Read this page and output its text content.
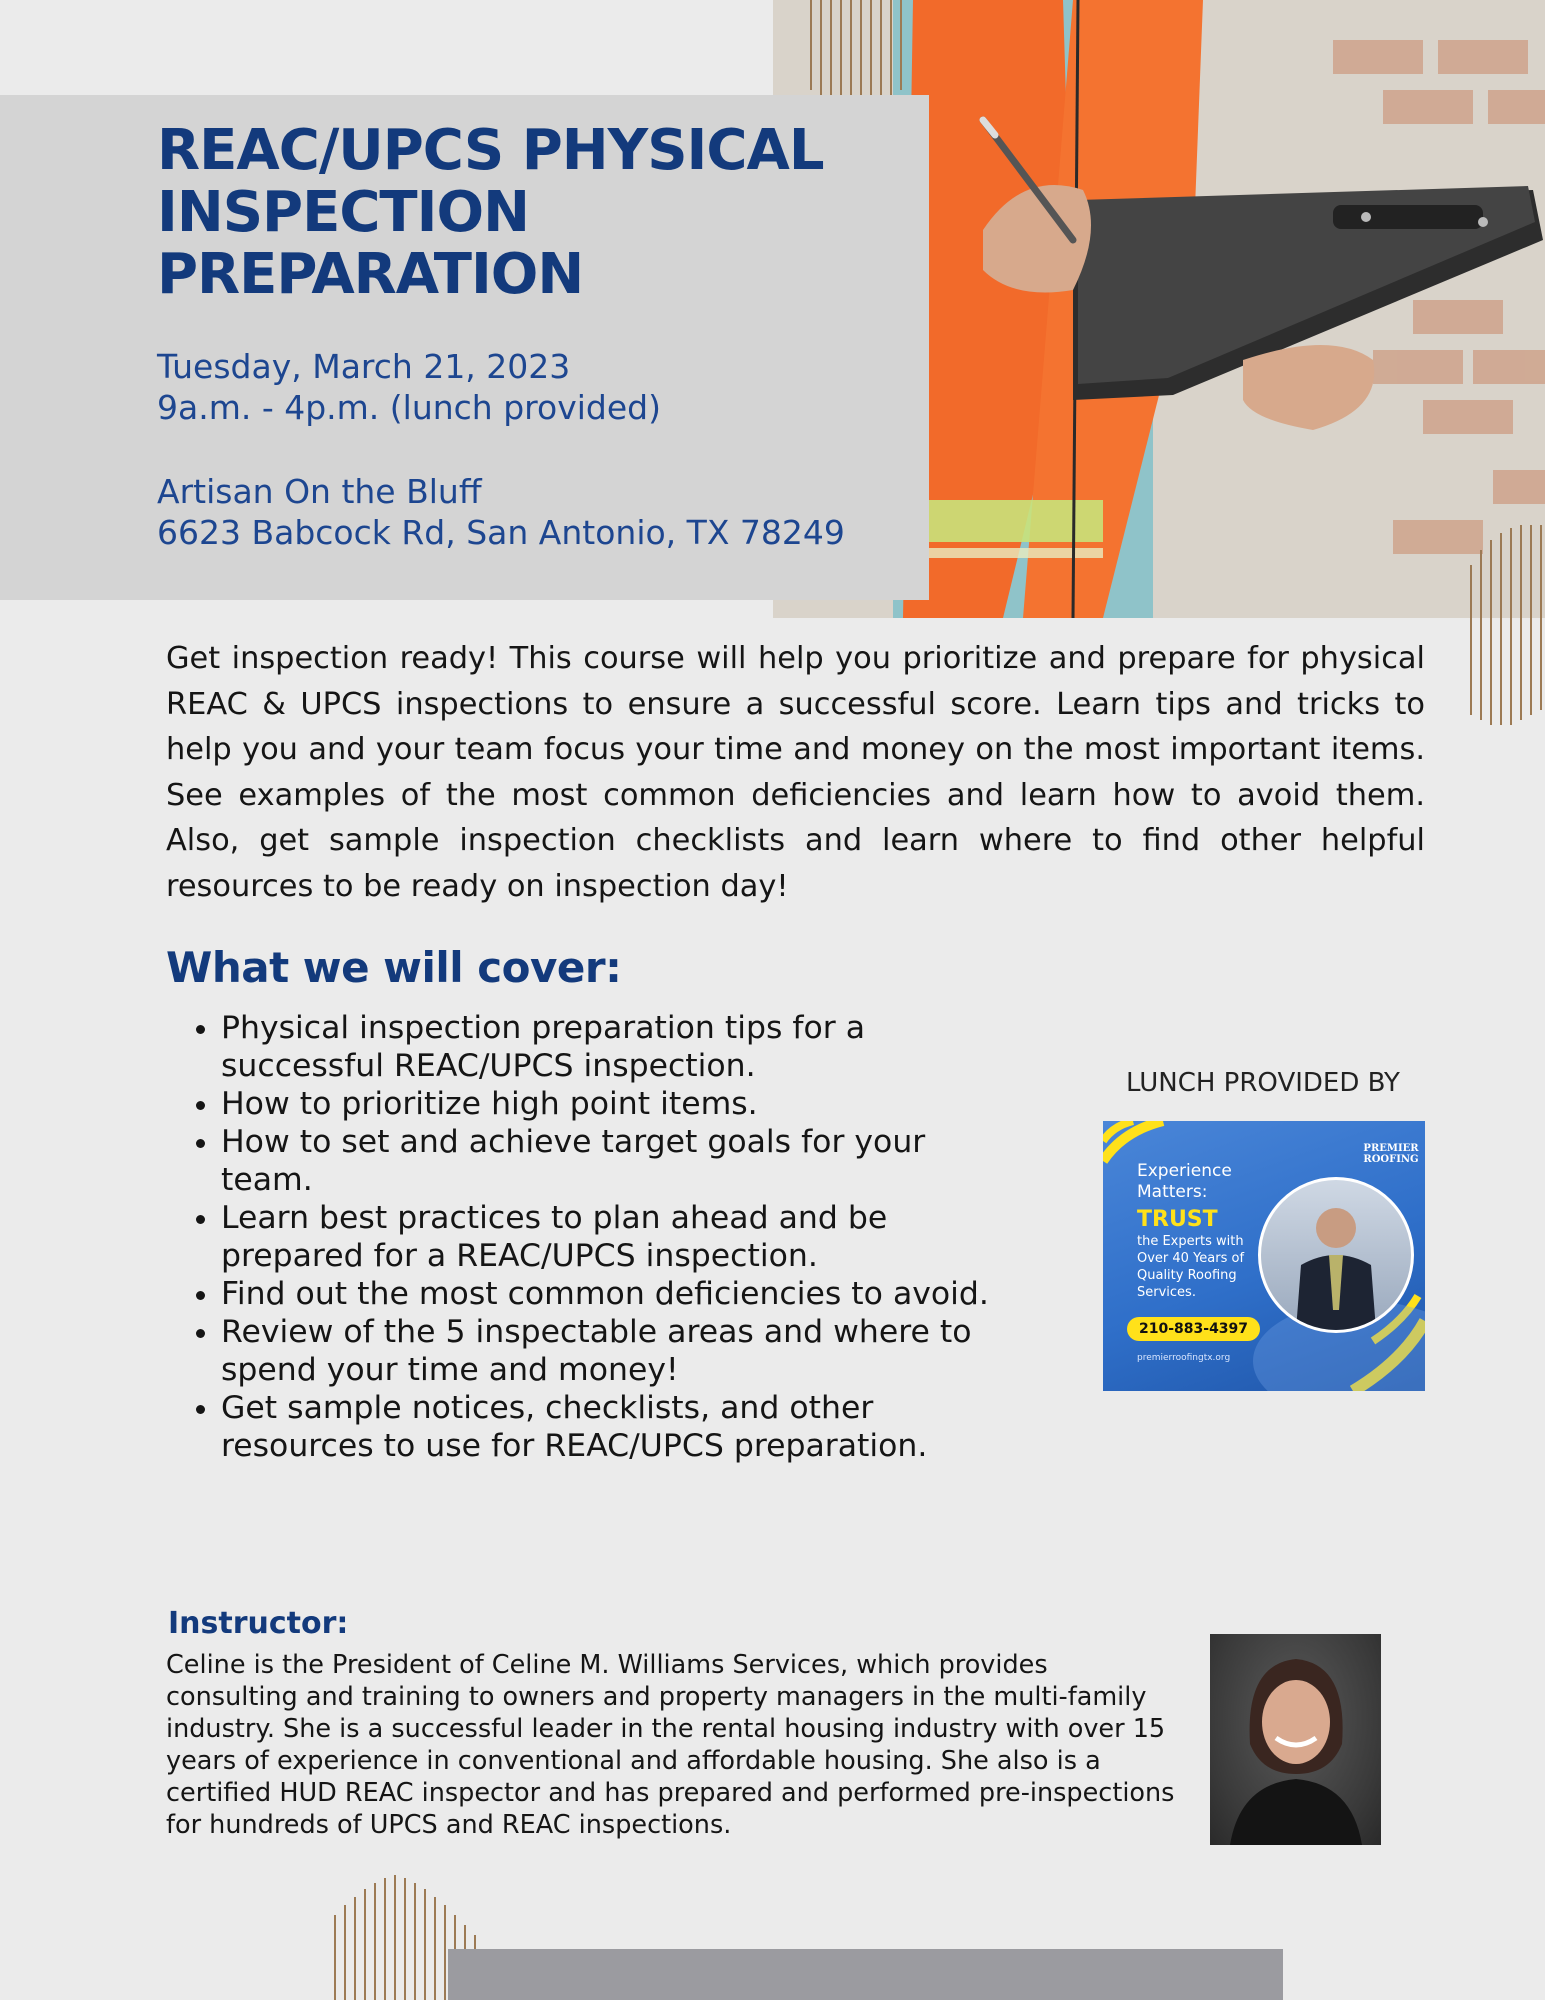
REAC/UPCS PHYSICAL INSPECTION PREPARATION

Tuesday, March 21, 2023

9a.m. - 4p.m. (lunch provided)

Artisan On the Bluff

6623 Babcock Rd, San Antonio, TX 78249

Get inspection ready! This course will help you prioritize and prepare for physical REAC & UPCS inspections to ensure a successful score. Learn tips and tricks to help you and your team focus your time and money on the most important items. See examples of the most common deficiencies and learn how to avoid them. Also, get sample inspection checklists and learn where to find other helpful resources to be ready on inspection day!

What we will cover:
• Physical inspection preparation tips for a successful REAC/UPCS inspection.
• How to prioritize high point items.
• How to set and achieve target goals for your team.
• Learn best practices to plan ahead and be prepared for a REAC/UPCS inspection.
• Find out the most common deficiencies to avoid.
• Review of the 5 inspectable areas and where to spend your time and money!
• Get sample notices, checklists, and other resources to use for REAC/UPCS preparation.

LUNCH PROVIDED BY

PREMIER ROOFING
Experience Matters:
TRUST
the Experts with Over 40 Years of Quality Roofing Services.
210-883-4397
premierroofingtx.org
Instructor:

Celine is the President of Celine M. Williams Services, which provides consulting and training to owners and property managers in the multi-family industry. She is a successful leader in the rental housing industry with over 15 years of experience in conventional and affordable housing. She also is a certified HUD REAC inspector and has prepared and performed pre-inspections for hundreds of UPCS and REAC inspections.
